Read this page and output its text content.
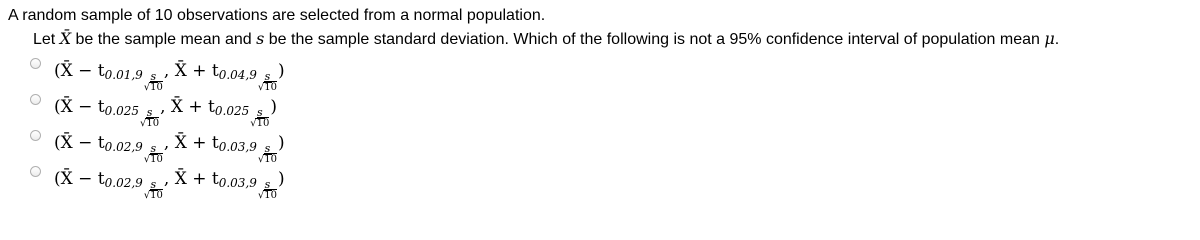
A random sample of 10 observations are selected from a normal population.
Let X̄ be the sample mean and s be the sample standard deviation. Which of the following is not a 95% confidence interval of population mean μ.
(X̄ − t $0.01,9 \frac{s}{√10}$
, X̄ + t $0.04,9 \frac{s}{√10}$
)
(X̄ − t $0.025 \frac{s}{√10}$
, X̄ + t $0.025 \frac{s}{√10}$
)
(X̄ − t $0.02,9 \frac{s}{√10}$
, X̄ + t $0.03,9 \frac{s}{√10}$
)
(X̄ − t $0.02,9 \frac{s}{√10}$
, X̄ + t $0.03,9 \frac{s}{√10}$
)
